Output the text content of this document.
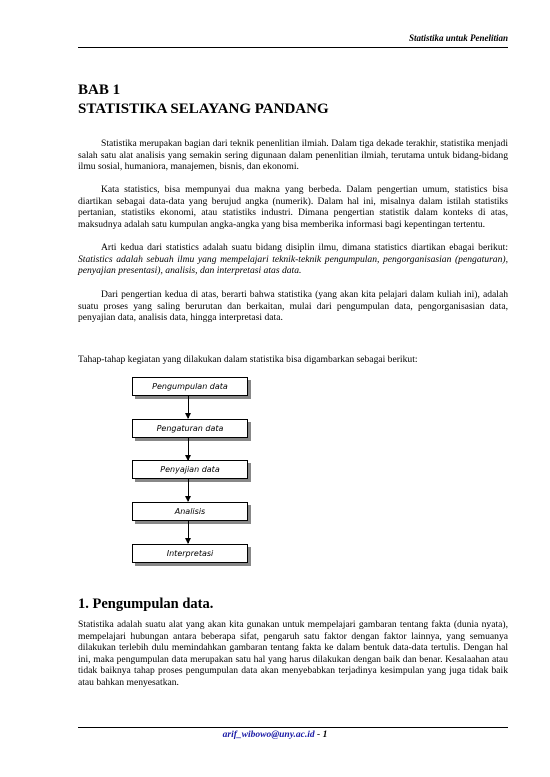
Statistika untuk Penelitian
BAB 1
STATISTIKA SELAYANG PANDANG

Statistika merupakan bagian dari teknik penenlitian ilmiah. Dalam tiga dekade terakhir, statistika menjadi salah satu alat analisis yang semakin sering digunaan dalam penenlitian ilmiah, terutama untuk bidang-bidang ilmu sosial, humaniora, manajemen, bisnis, dan ekonomi.

Kata statistics, bisa mempunyai dua makna yang berbeda. Dalam pengertian umum, statistics bisa diartikan sebagai data-data yang berujud angka (numerik). Dalam hal ini, misalnya dalam istilah statistiks pertanian, statistiks ekonomi, atau statistiks industri. Dimana pengertian statistik dalam konteks di atas, maksudnya adalah satu kumpulan angka-angka yang bisa memberika informasi bagi kepentingan tertentu.

Arti kedua dari statistics adalah suatu bidang disiplin ilmu, dimana statistics diartikan ebagai berikut: Statistics adalah sebuah ilmu yang mempelajari teknik-teknik pengumpulan, pengorganisasian (pengaturan), penyajian presentasi), analisis, dan interpretasi atas data.

Dari pengertian kedua di atas, berarti bahwa statistika (yang akan kita pelajari dalam kuliah ini), adalah suatu proses yang saling berurutan dan berkaitan, mulai dari pengumpulan data, pengorganisasian data, penyajian data, analisis data, hingga interpretasi data.

Tahap-tahap kegiatan yang dilakukan dalam statistika bisa digambarkan sebagai berikut:

Pengumpulan data
Pengaturan data
Penyajian data
Analisis
Interpretasi
1. Pengumpulan data.

Statistika adalah suatu alat yang akan kita gunakan untuk mempelajari gambaran tentang fakta (dunia nyata), mempelajari hubungan antara beberapa sifat, pengaruh satu faktor dengan faktor lainnya, yang semuanya dilakukan terlebih dulu memindahkan gambaran tentang fakta ke dalam bentuk data-data tertulis. Dengan hal ini, maka pengumpulan data merupakan satu hal yang harus dilakukan dengan baik dan benar. Kesalaahan atau tidak baiknya tahap proses pengumpulan data akan menyebabkan terjadinya kesimpulan yang juga tidak baik atau bahkan menyesatkan.

arif_wibowo@uny.ac.id - 1
